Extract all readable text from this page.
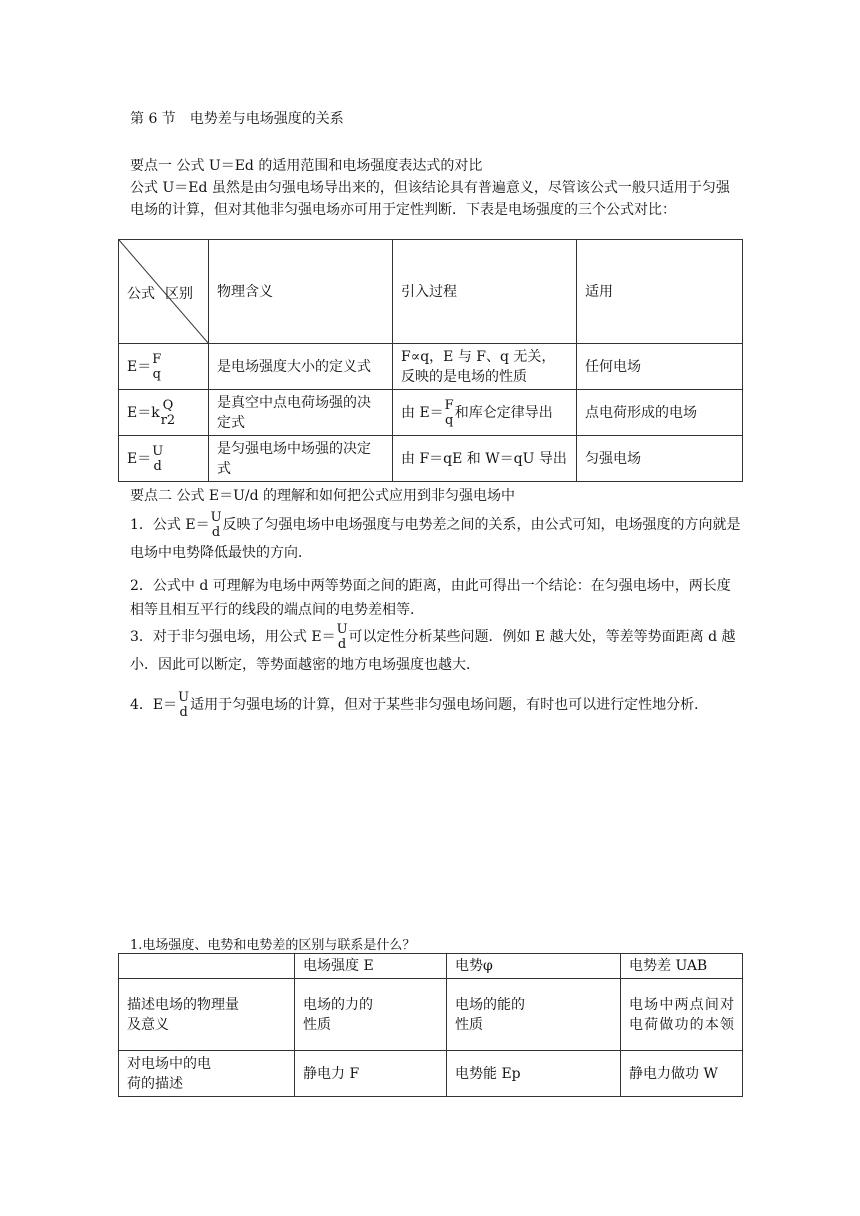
第 6 节　电势差与电场强度的关系
要点一 公式 U＝Ed 的适用范围和电场强度表达式的对比
公式 U＝Ed 虽然是由匀强电场导出来的，但该结论具有普遍意义，尽管该公式一般只适用于匀强电场的计算，但对其他非匀强电场亦可用于定性判断．下表是电场强度的三个公式对比：
公式 区别	物理含义	引入过程	适用
E＝ F
q	是电场强度大小的定义式	F∝q，E 与 F、q 无关，反映的是电场的性质	任何电场
E＝k Q
r2	是真空中点电荷场强的决定式	由 E＝ F
q 和库仑定律导出	点电荷形成的电场
E＝ U
d	是匀强电场中场强的决定式	由 F＝qE 和 W＝qU 导出	匀强电场
要点二 公式 E＝U/d 的理解和如何把公式应用到非匀强电场中
1．公式 E＝ U
d 反映了匀强电场中电场强度与电势差之间的关系，由公式可知，电场强度的方向就是电场中电势降低最快的方向．
2．公式中 d 可理解为电场中两等势面之间的距离，由此可得出一个结论：在匀强电场中，两长度相等且相互平行的线段的端点间的电势差相等．
3．对于非匀强电场，用公式 E＝ U
d 可以定性分析某些问题．例如 E 越大处，等差等势面距离 d 越小．因此可以断定，等势面越密的地方电场强度也越大．
4．E＝ U
d 适用于匀强电场的计算，但对于某些非匀强电场问题，有时也可以进行定性地分析．
1.电场强度、电势和电势差的区别与联系是什么？
	电场强度 E	电势φ	电势差 UAB
描述电场的物理量及意义	电场的力的性质	电场的能的性质	电场中两点间对电荷做功的本领
对电场中的电荷的描述	静电力 F	电势能 Ep	静电力做功 W
